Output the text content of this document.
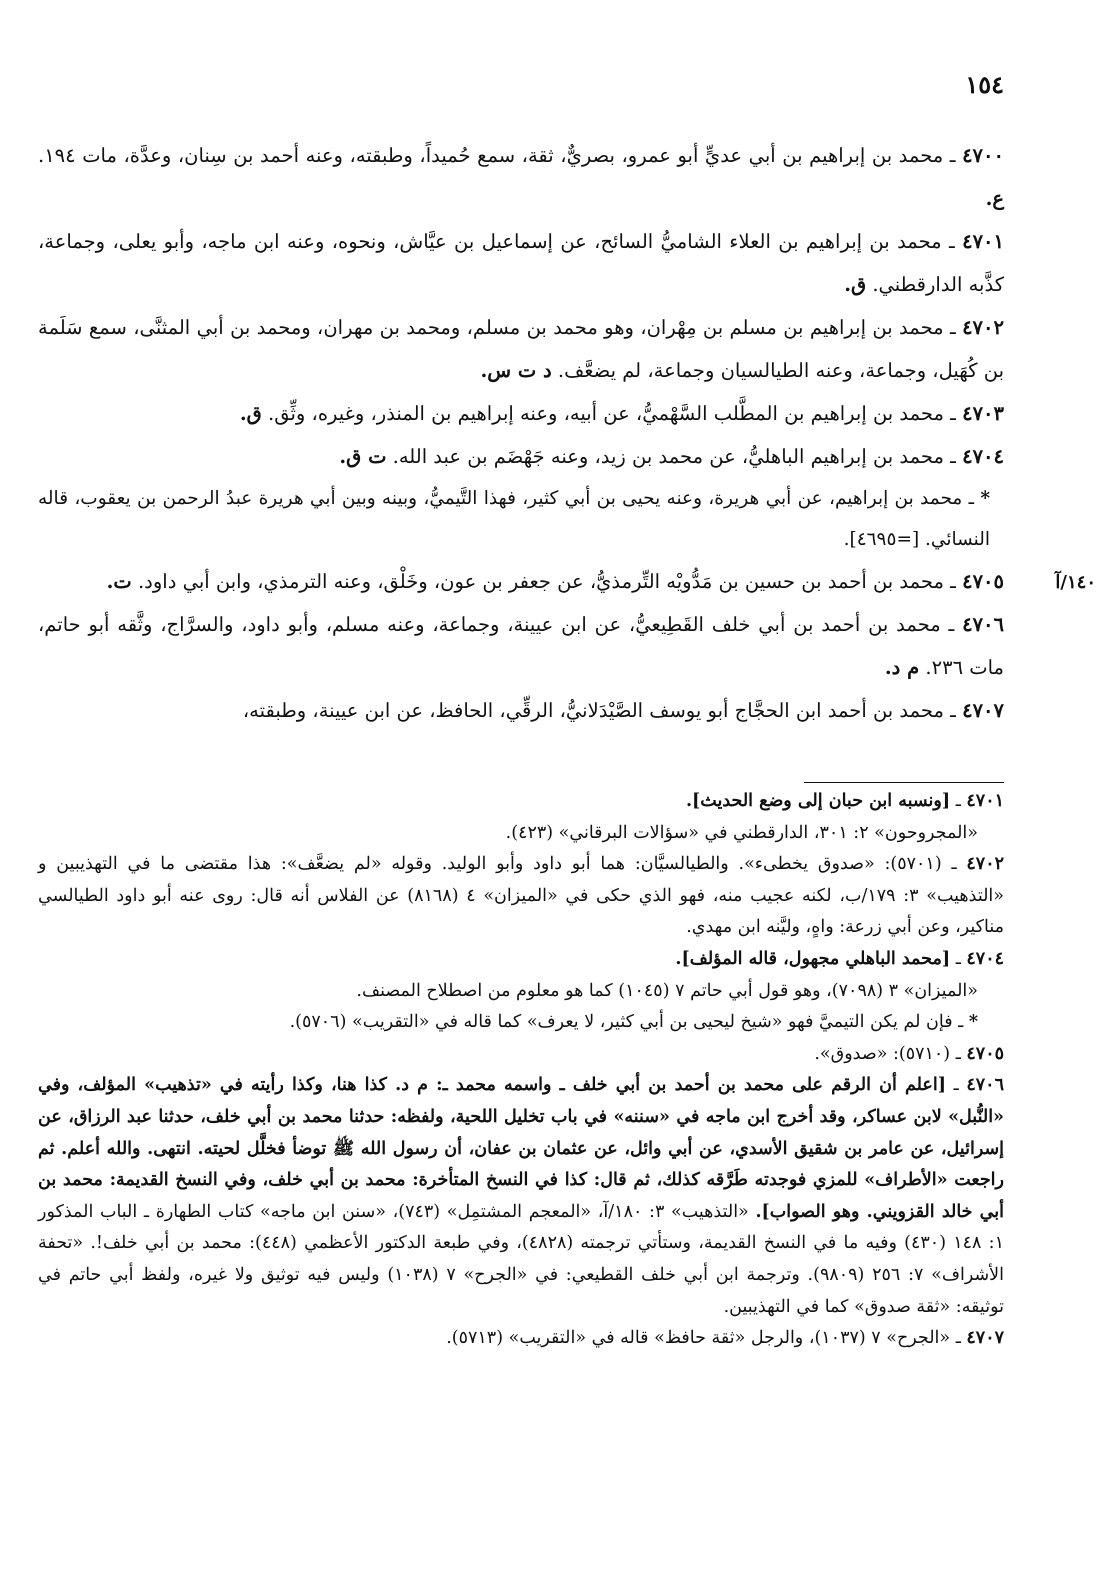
١٥٤
١٤٠/آ

٤٧٠٠ ـ محمد بن إبراهيم بن أبي عديٍّ أبو عمرو، بصريٌّ، ثقة، سمع حُميداً، وطبقته، وعنه أحمد بن سِنان، وعدَّة، مات ١٩٤. ع.

٤٧٠١ ـ محمد بن إبراهيم بن العلاء الشاميُّ السائح، عن إسماعيل بن عيَّاش، ونحوه، وعنه ابن ماجه، وأبو يعلى، وجماعة، كذَّبه الدارقطني. ق.

٤٧٠٢ ـ محمد بن إبراهيم بن مسلم بن مِهْران، وهو محمد بن مسلم، ومحمد بن مهران، ومحمد بن أبي المثنَّى، سمع سَلَمة بن كُهَيل، وجماعة، وعنه الطيالسيان وجماعة، لم يضعَّف. د ت س.

٤٧٠٣ ـ محمد بن إبراهيم بن المطَّلب السَّهْميُّ، عن أبيه، وعنه إبراهيم بن المنذر، وغيره، وثِّق. ق.

٤٧٠٤ ـ محمد بن إبراهيم الباهليُّ، عن محمد بن زيد، وعنه جَهْضَم بن عبد الله. ت ق.

* ـ محمد بن إبراهيم، عن أبي هريرة، وعنه يحيى بن أبي كثير، فهذا التَّيميُّ، وبينه وبين أبي هريرة عبدُ الرحمن بن يعقوب، قاله النسائي. [=٤٦٩٥].

٤٧٠٥ ـ محمد بن أحمد بن حسين بن مَدُّويْه التِّرمذيُّ، عن جعفر بن عون، وخَلْق، وعنه الترمذي، وابن أبي داود. ت.

٤٧٠٦ ـ محمد بن أحمد بن أبي خلف القَطِيعيُّ، عن ابن عيينة، وجماعة، وعنه مسلم، وأبو داود، والسرَّاج، وثَّقه أبو حاتم، مات ٢٣٦. م د.

٤٧٠٧ ـ محمد بن أحمد ابن الحجَّاج أبو يوسف الصَّيْدَلانيُّ، الرقِّي، الحافظ، عن ابن عيينة، وطبقته،

٤٧٠١ ـ [ونسبه ابن حبان إلى وضع الحديث].
«المجروحون» ٢: ٣٠١، الدارقطني في «سؤالات البرقاني» (٤٢٣).

٤٧٠٢ ـ (٥٧٠١): «صدوق يخطىء». والطيالسيَّان: هما أبو داود وأبو الوليد. وقوله «لم يضعَّف»: هذا مقتضى ما في التهذيبين و «التذهيب» ٣: ١٧٩/ب، لكنه عجيب منه، فهو الذي حكى في «الميزان» ٤ (٨١٦٨) عن الفلاس أنه قال: روى عنه أبو داود الطيالسي مناكير، وعن أبي زرعة: واهٍ، وليَّنه ابن مهدي.

٤٧٠٤ ـ [محمد الباهلي مجهول، قاله المؤلف].
«الميزان» ٣ (٧٠٩٨)، وهو قول أبي حاتم ٧ (١٠٤٥) كما هو معلوم من اصطلاح المصنف.

* ـ فإن لم يكن التيميَّ فهو «شيخ ليحيى بن أبي كثير، لا يعرف» كما قاله في «التقريب» (٥٧٠٦).

٤٧٠٥ ـ (٥٧١٠): «صدوق».

٤٧٠٦ ـ [اعلم أن الرقم على محمد بن أحمد بن أبي خلف ـ واسمه محمد ـ: م د. كذا هنا، وكذا رأيته في «تذهيب» المؤلف، وفي «النُّبل» لابن عساكر، وقد أخرج ابن ماجه في «سننه» في باب تخليل اللحية، ولفظه: حدثنا محمد بن أبي خلف، حدثنا عبد الرزاق، عن إسرائيل، عن عامر بن شقيق الأسدي، عن أبي وائل، عن عثمان بن عفان، أن رسول الله ﷺ توضأ فخلَّل لحيته. انتهى. والله أعلم. ثم راجعت «الأطراف» للمزي فوجدته طَرَّقه كذلك، ثم قال: كذا في النسخ المتأخرة: محمد بن أبي خلف، وفي النسخ القديمة: محمد بن أبي خالد القزويني. وهو الصواب]. «التذهيب» ٣: ١٨٠/آ، «المعجم المشتمِل» (٧٤٣)، «سنن ابن ماجه» كتاب الطهارة ـ الباب المذكور ١: ١٤٨ (٤٣٠) وفيه ما في النسخ القديمة، وستأتي ترجمته (٤٨٢٨)، وفي طبعة الدكتور الأعظمي (٤٤٨): محمد بن أبي خلف!. «تحفة الأشراف» ٧: ٢٥٦ (٩٨٠٩). وترجمة ابن أبي خلف القطيعي: في «الجرح» ٧ (١٠٣٨) وليس فيه توثيق ولا غيره، ولفظ أبي حاتم في توثيقه: «ثقة صدوق» كما في التهذيبين.

٤٧٠٧ ـ «الجرح» ٧ (١٠٣٧)، والرجل «ثقة حافظ» قاله في «التقريب» (٥٧١٣).
